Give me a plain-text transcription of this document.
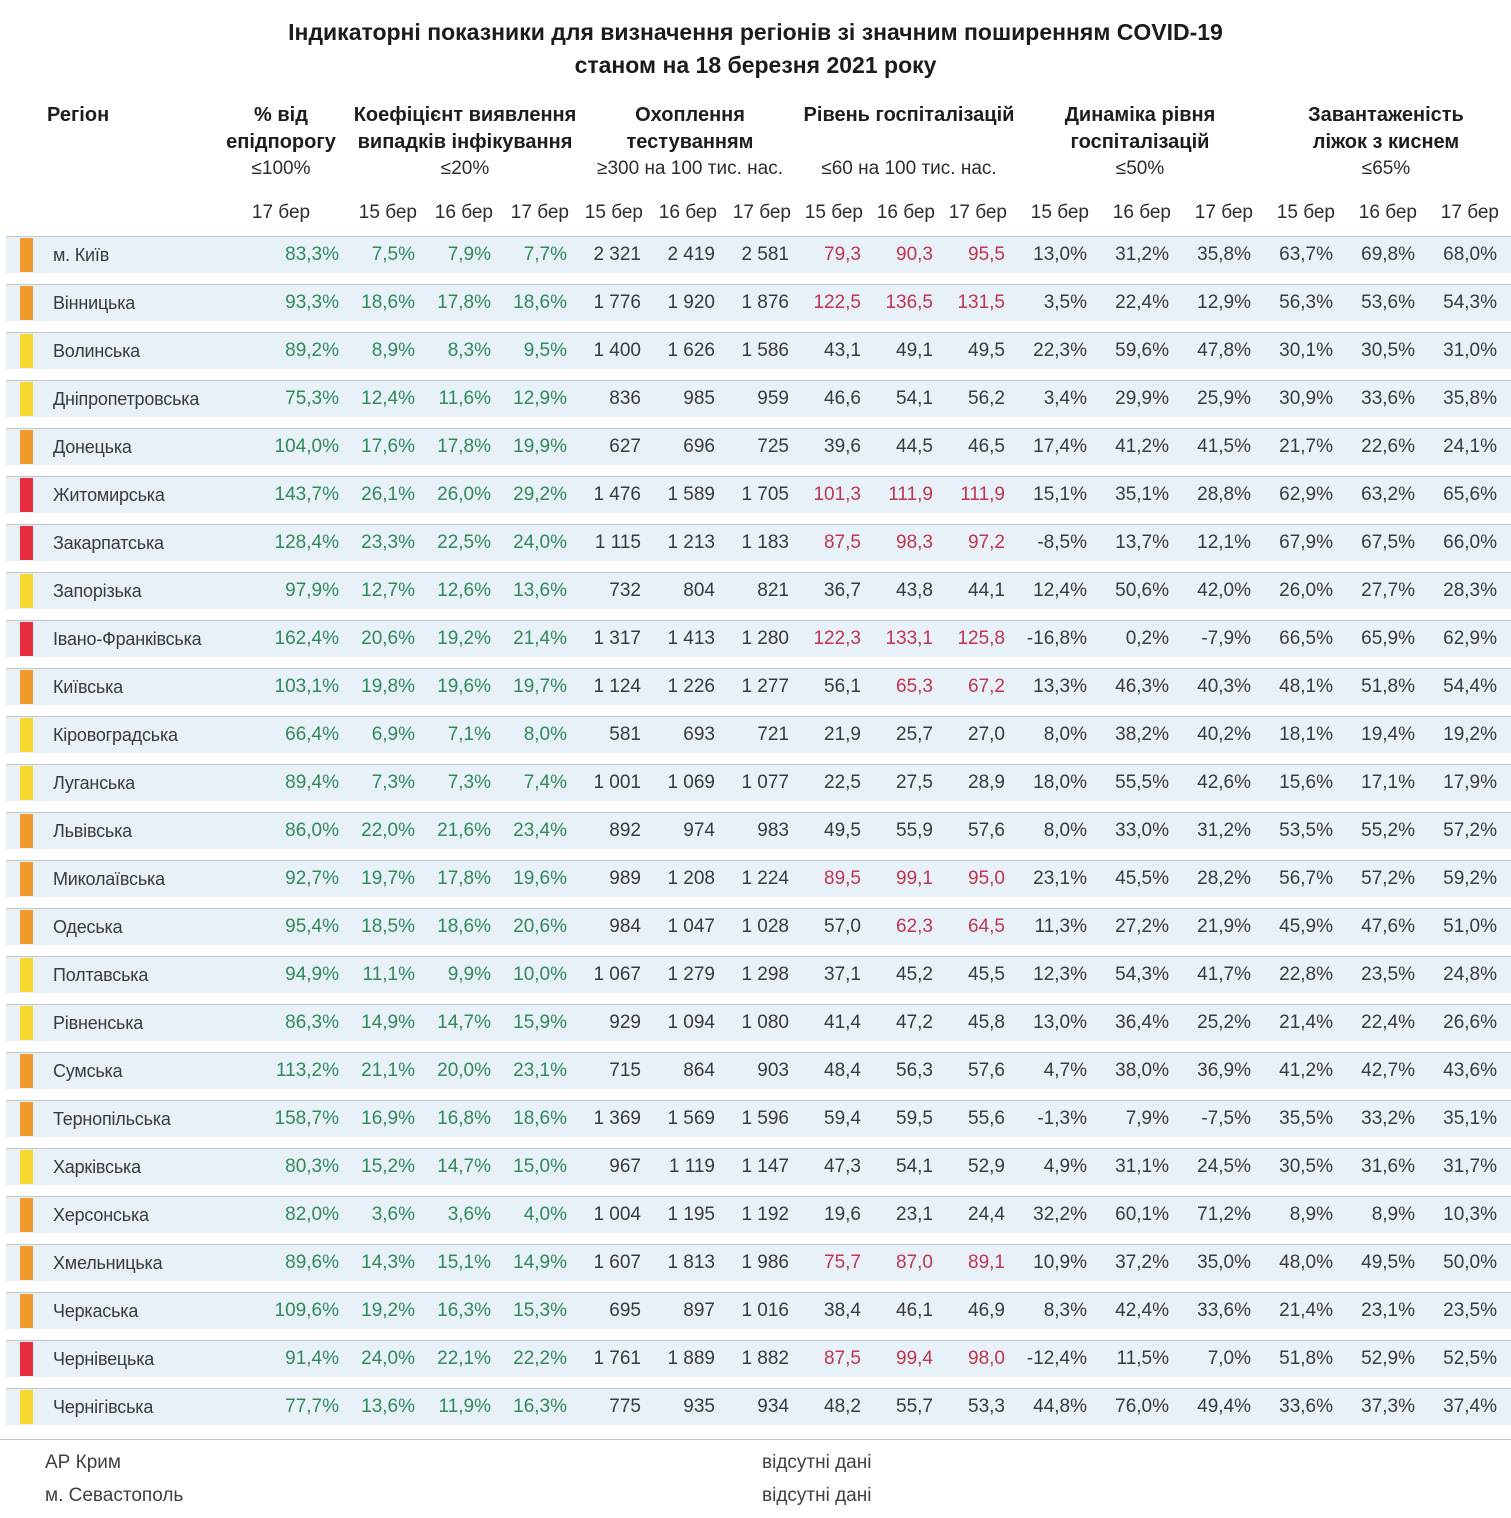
Індикаторні показники для визначення регіонів зі значним поширенням COVID-19
станом на 18 березня 2021 року
Регіон	% від
епідпорогу
≤100%
Коефіцієнт виявлення
випадків інфікування
≤20%
Охоплення тестуванням
≥300 на 100 тис. нас.
Рівень госпіталізацій
≤60 на 100 тис. нас.
Динаміка рівня
госпіталізацій
≤50%
Завантаженість
ліжок з киснем
≤65%
17 бер	15 бер 16 бер 17 бер 15 бер 16 бер 17 бер 15 бер 16 бер 17 бер	15 бер	16 бер	17 бер	15 бер	16 бер	17 бер
м. Київ	83,3%	7,5%	7,9%	7,7%	2 321	2 419	2 581	79,3	90,3	95,5	13,0%	31,2%	35,8%	63,7%	69,8%	68,0%
Вінницька	93,3%	18,6%	17,8%	18,6%	1 776	1 920	1 876	122,5	136,5	131,5	3,5%	22,4%	12,9%	56,3%	53,6%	54,3%
Волинська	89,2%	8,9%	8,3%	9,5%	1 400	1 626	1 586	43,1	49,1	49,5	22,3%	59,6%	47,8%	30,1%	30,5%	31,0%
Дніпропетровська	75,3%	12,4%	11,6%	12,9%	836	985	959	46,6	54,1	56,2	3,4%	29,9%	25,9%	30,9%	33,6%	35,8%
Донецька	104,0%	17,6%	17,8%	19,9%	627	696	725	39,6	44,5	46,5	17,4%	41,2%	41,5%	21,7%	22,6%	24,1%
Житомирська	143,7%	26,1%	26,0%	29,2%	1 476	1 589	1 705	101,3	111,9	111,9	15,1%	35,1%	28,8%	62,9%	63,2%	65,6%
Закарпатська	128,4%	23,3%	22,5%	24,0%	1 115	1 213	1 183	87,5	98,3	97,2	-8,5%	13,7%	12,1%	67,9%	67,5%	66,0%
Запорізька	97,9%	12,7%	12,6%	13,6%	732	804	821	36,7	43,8	44,1	12,4%	50,6%	42,0%	26,0%	27,7%	28,3%
Івано-Франківська	162,4%	20,6%	19,2%	21,4%	1 317	1 413	1 280	122,3	133,1	125,8	-16,8%	0,2%	-7,9%	66,5%	65,9%	62,9%
Київська	103,1%	19,8%	19,6%	19,7%	1 124	1 226	1 277	56,1	65,3	67,2	13,3%	46,3%	40,3%	48,1%	51,8%	54,4%
Кіровоградська	66,4%	6,9%	7,1%	8,0%	581	693	721	21,9	25,7	27,0	8,0%	38,2%	40,2%	18,1%	19,4%	19,2%
Луганська	89,4%	7,3%	7,3%	7,4%	1 001	1 069	1 077	22,5	27,5	28,9	18,0%	55,5%	42,6%	15,6%	17,1%	17,9%
Львівська	86,0%	22,0%	21,6%	23,4%	892	974	983	49,5	55,9	57,6	8,0%	33,0%	31,2%	53,5%	55,2%	57,2%
Миколаївська	92,7%	19,7%	17,8%	19,6%	989	1 208	1 224	89,5	99,1	95,0	23,1%	45,5%	28,2%	56,7%	57,2%	59,2%
Одеська	95,4%	18,5%	18,6%	20,6%	984	1 047	1 028	57,0	62,3	64,5	11,3%	27,2%	21,9%	45,9%	47,6%	51,0%
Полтавська	94,9%	11,1%	9,9%	10,0%	1 067	1 279	1 298	37,1	45,2	45,5	12,3%	54,3%	41,7%	22,8%	23,5%	24,8%
Рівненська	86,3%	14,9%	14,7%	15,9%	929	1 094	1 080	41,4	47,2	45,8	13,0%	36,4%	25,2%	21,4%	22,4%	26,6%
Сумська	113,2%	21,1%	20,0%	23,1%	715	864	903	48,4	56,3	57,6	4,7%	38,0%	36,9%	41,2%	42,7%	43,6%
Тернопільська	158,7%	16,9%	16,8%	18,6%	1 369	1 569	1 596	59,4	59,5	55,6	-1,3%	7,9%	-7,5%	35,5%	33,2%	35,1%
Харківська	80,3%	15,2%	14,7%	15,0%	967	1 119	1 147	47,3	54,1	52,9	4,9%	31,1%	24,5%	30,5%	31,6%	31,7%
Херсонська	82,0%	3,6%	3,6%	4,0%	1 004	1 195	1 192	19,6	23,1	24,4	32,2%	60,1%	71,2%	8,9%	8,9%	10,3%
Хмельницька	89,6%	14,3%	15,1%	14,9%	1 607	1 813	1 986	75,7	87,0	89,1	10,9%	37,2%	35,0%	48,0%	49,5%	50,0%
Черкаська	109,6%	19,2%	16,3%	15,3%	695	897	1 016	38,4	46,1	46,9	8,3%	42,4%	33,6%	21,4%	23,1%	23,5%
Чернівецька	91,4%	24,0%	22,1%	22,2%	1 761	1 889	1 882	87,5	99,4	98,0	-12,4%	11,5%	7,0%	51,8%	52,9%	52,5%
Чернігівська	77,7%	13,6%	11,9%	16,3%	775	935	934	48,2	55,7	53,3	44,8%	76,0%	49,4%	33,6%	37,3%	37,4%
АР Крим	відсутні дані
м. Севастополь	відсутні дані
